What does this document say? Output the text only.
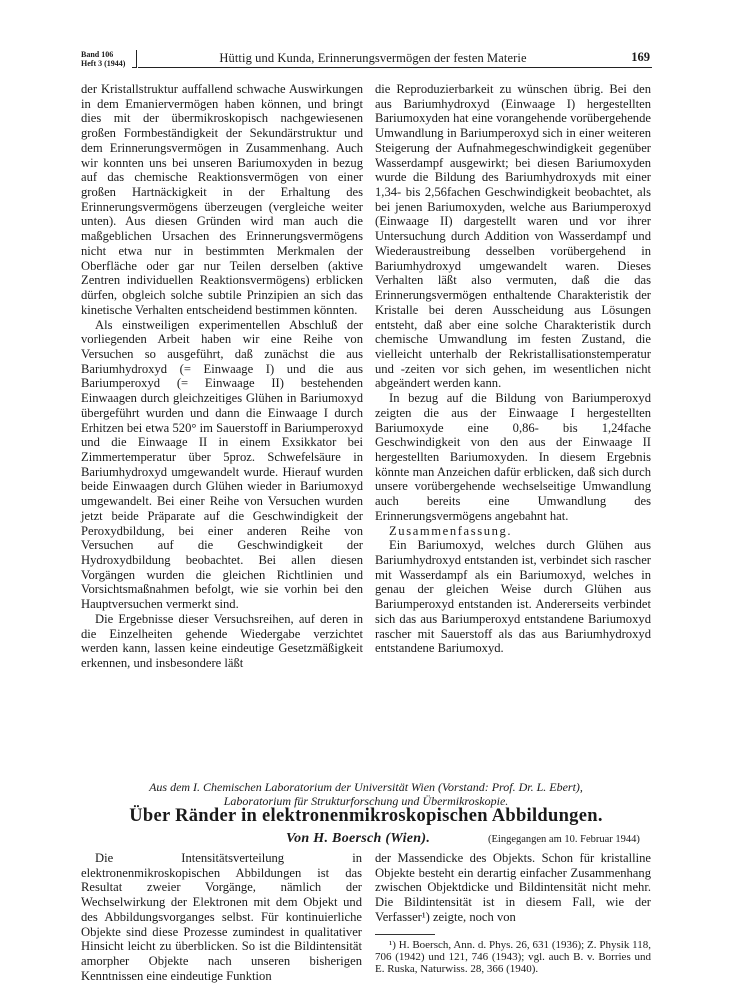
Band 106
Heft 3 (1944)	Hüttig und Kunda, Erinnerungsvermögen der festen Materie	169

der Kristallstruktur auffallend schwache Auswirkungen in dem Emaniervermögen haben können, und bringt dies mit der übermikroskopisch nachgewiesenen großen Formbeständigkeit der Sekundärstruktur und dem Erinnerungsvermögen in Zusammenhang. Auch wir konnten uns bei unseren Bariumoxyden in bezug auf das chemische Reaktionsvermögen von einer großen Hartnäckigkeit in der Erhaltung des Erinnerungsvermögens überzeugen (vergleiche weiter unten). Aus diesen Gründen wird man auch die maßgeblichen Ursachen des Erinnerungsvermögens nicht etwa nur in bestimmten Merkmalen der Oberfläche oder gar nur Teilen derselben (aktive Zentren individuellen Reaktionsvermögens) erblicken dürfen, obgleich solche subtile Prinzipien an sich das kinetische Verhalten entscheidend bestimmen könnten.

Als einstweiligen experimentellen Abschluß der vorliegenden Arbeit haben wir eine Reihe von Versuchen so ausgeführt, daß zunächst die aus Bariumhydroxyd (= Einwaage I) und die aus Bariumperoxyd (= Einwaage II) bestehenden Einwaagen durch gleichzeitiges Glühen in Bariumoxyd übergeführt wurden und dann die Einwaage I durch Erhitzen bei etwa 520° im Sauerstoff in Bariumperoxyd und die Einwaage II in einem Exsikkator bei Zimmertemperatur über 5proz. Schwefelsäure in Bariumhydroxyd umgewandelt wurde. Hierauf wurden beide Einwaagen durch Glühen wieder in Bariumoxyd umgewandelt. Bei einer Reihe von Versuchen wurden jetzt beide Präparate auf die Geschwindigkeit der Peroxydbildung, bei einer anderen Reihe von Versuchen auf die Geschwindigkeit der Hydroxydbildung beobachtet. Bei allen diesen Vorgängen wurden die gleichen Richtlinien und Vorsichtsmaßnahmen befolgt, wie sie vorhin bei den Hauptversuchen vermerkt sind.

Die Ergebnisse dieser Versuchsreihen, auf deren in die Einzelheiten gehende Wiedergabe verzichtet werden kann, lassen keine eindeutige Gesetzmäßigkeit erkennen, und insbesondere läßt

die Reproduzierbarkeit zu wünschen übrig. Bei den aus Bariumhydroxyd (Einwaage I) hergestellten Bariumoxyden hat eine vorangehende vorübergehende Umwandlung in Bariumperoxyd sich in einer weiteren Steigerung der Aufnahmegeschwindigkeit gegenüber Wasserdampf ausgewirkt; bei diesen Bariumoxyden wurde die Bildung des Bariumhydroxyds mit einer 1,34- bis 2,56fachen Geschwindigkeit beobachtet, als bei jenen Bariumoxyden, welche aus Bariumperoxyd (Einwaage II) dargestellt waren und vor ihrer Untersuchung durch Addition von Wasserdampf und Wiederaustreibung desselben vorübergehend in Bariumhydroxyd umgewandelt waren. Dieses Verhalten läßt also vermuten, daß die das Erinnerungsvermögen enthaltende Charakteristik der Kristalle bei deren Ausscheidung aus Lösungen entsteht, daß aber eine solche Charakteristik durch chemische Umwandlung im festen Zustand, die vielleicht unterhalb der Rekristallisationstemperatur und -zeiten vor sich gehen, im wesentlichen nicht abgeändert werden kann.

In bezug auf die Bildung von Bariumperoxyd zeigten die aus der Einwaage I hergestellten Bariumoxyde eine 0,86- bis 1,24fache Geschwindigkeit von den aus der Einwaage II hergestellten Bariumoxyden. In diesem Ergebnis könnte man Anzeichen dafür erblicken, daß sich durch unsere vorübergehende wechselseitige Umwandlung auch bereits eine Umwandlung des Erinnerungsvermögens angebahnt hat.

Zusammenfassung.

Ein Bariumoxyd, welches durch Glühen aus Bariumhydroxyd entstanden ist, verbindet sich rascher mit Wasserdampf als ein Bariumoxyd, welches in genau der gleichen Weise durch Glühen aus Bariumperoxyd entstanden ist. Andererseits verbindet sich das aus Bariumperoxyd entstandene Bariumoxyd rascher mit Sauerstoff als das aus Bariumhydroxyd entstandene Bariumoxyd.

Aus dem I. Chemischen Laboratorium der Universität Wien (Vorstand: Prof. Dr. L. Ebert),
Laboratorium für Strukturforschung und Übermikroskopie.
Über Ränder in elektronenmikroskopischen Abbildungen.
Von H. Boersch (Wien).	(Eingegangen am 10. Februar 1944)

Die Intensitätsverteilung in elektronenmikroskopischen Abbildungen ist das Resultat zweier Vorgänge, nämlich der Wechselwirkung der Elektronen mit dem Objekt und des Abbildungsvorganges selbst. Für kontinuierliche Objekte sind diese Prozesse zumindest in qualitativer Hinsicht leicht zu überblicken. So ist die Bildintensität amorpher Objekte nach unseren bisherigen Kenntnissen eine eindeutige Funktion

der Massendicke des Objekts. Schon für kristalline Objekte besteht ein derartig einfacher Zusammenhang zwischen Objektdicke und Bildintensität nicht mehr. Die Bildintensität ist in diesem Fall, wie der Verfasser¹) zeigte, noch von

¹) H. Boersch, Ann. d. Phys. 26, 631 (1936); Z. Physik 118, 706 (1942) und 121, 746 (1943); vgl. auch B. v. Borries und E. Ruska, Naturwiss. 28, 366 (1940).
